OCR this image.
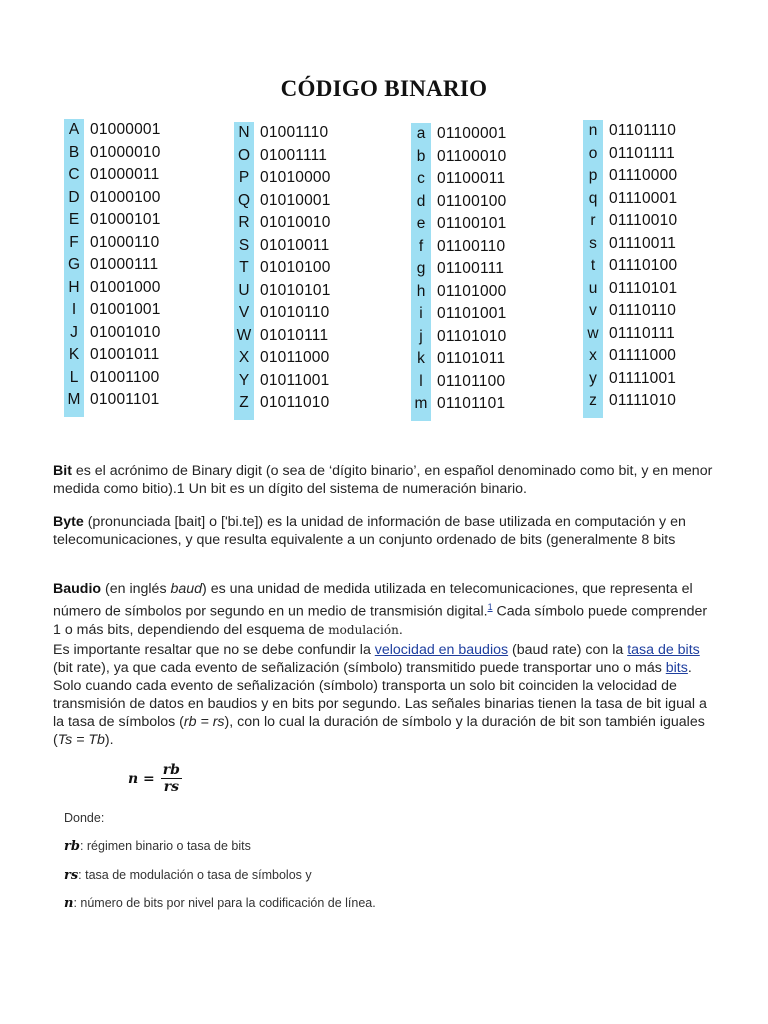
CÓDIGO BINARIO
A 01000001
B 01000010
C 01000011
D 01000100
E 01000101
F 01000110
G 01000111
H 01001000
I 01001001
J 01001010
K 01001011
L 01001100
M 01001101
N 01001110
O 01001111
P 01010000
Q 01010001
R 01010010
S 01010011
T 01010100
U 01010101
V 01010110
W 01010111
X 01011000
Y 01011001
Z 01011010
a 01100001
b 01100010
c 01100011
d 01100100
e 01100101
f 01100110
g 01100111
h 01101000
i 01101001
j 01101010
k 01101011
l 01101100
m 01101101
n 01101110
o 01101111
p 01110000
q 01110001
r 01110010
s 01110011
t 01110100
u 01110101
v 01110110
w 01110111
x 01111000
y 01111001
z 01111010

Bit es el acrónimo de Binary digit (o sea de ‘dígito binario’, en español denominado como bit, y en menor medida como bitio).1 Un bit es un dígito del sistema de numeración binario.

Byte (pronunciada [bait] o ['bi.te]) es la unidad de información de base utilizada en computación y en telecomunicaciones, y que resulta equivalente a un conjunto ordenado de bits (generalmente 8 bits

Baudio (en inglés baud) es una unidad de medida utilizada en telecomunicaciones, que representa el número de símbolos por segundo en un medio de transmisión digital.$^1$ Cada símbolo puede comprender 1 o más bits, dependiendo del esquema de modulación.

Es importante resaltar que no se debe confundir la velocidad en baudios (baud rate) con la tasa de bits (bit rate), ya que cada evento de señalización (símbolo) transmitido puede transportar uno o más bits. Solo cuando cada evento de señalización (símbolo) transporta un solo bit coinciden la velocidad de transmisión de datos en baudios y en bits por segundo. Las señales binarias tienen la tasa de bit igual a la tasa de símbolos (rb = rs), con lo cual la duración de símbolo y la duración de bit son también iguales (Ts = Tb).

$n = \frac{rb}{rs}$
Donde:
rb: régimen binario o tasa de bits
rs: tasa de modulación o tasa de símbolos y
n: número de bits por nivel para la codificación de línea.
